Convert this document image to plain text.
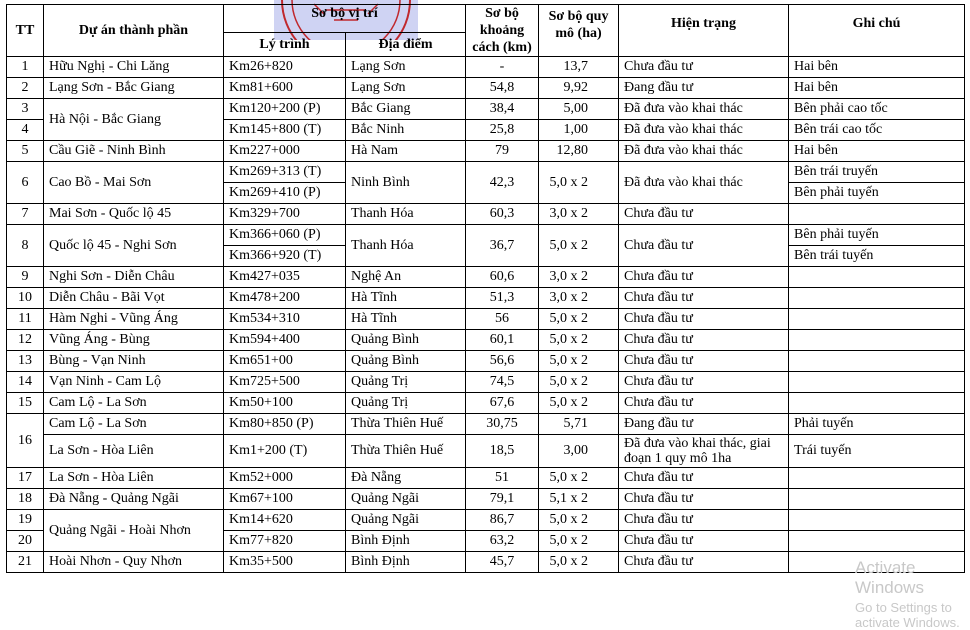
TT	Dự án thành phần	Sơ bộ vị trí		Sơ bộ khoảng cách (km)	Sơ bộ quy mô (ha)	Hiện trạng	Ghi chú
		Lý trình	Địa điểm				
1	Hữu Nghị - Chi Lăng	Km26+820	Lạng Sơn	-	13,7	Chưa đầu tư	Hai bên
2	Lạng Sơn - Bắc Giang	Km81+600	Lạng Sơn	54,8	9,92	Đang đầu tư	Hai bên
3	Hà Nội - Bắc Giang	Km120+200 (P)	Bắc Giang	38,4	5,00	Đã đưa vào khai thác	Bên phải cao tốc
4		Km145+800 (T)	Bắc Ninh	25,8	1,00	Đã đưa vào khai thác	Bên trái cao tốc
5	Cầu Giẽ - Ninh Bình	Km227+000	Hà Nam	79	12,80	Đã đưa vào khai thác	Hai bên
6	Cao Bồ - Mai Sơn	Km269+313 (T)	Ninh Bình	42,3	5,0 x 2	Đã đưa vào khai thác	Bên trái truyến
		Km269+410 (P)					Bên phải tuyến
7	Mai Sơn - Quốc lộ 45	Km329+700	Thanh Hóa	60,3	3,0 x 2	Chưa đầu tư	
8	Quốc lộ 45 - Nghi Sơn	Km366+060 (P)	Thanh Hóa	36,7	5,0 x 2	Chưa đầu tư	Bên phải tuyến
		Km366+920 (T)					Bên trái tuyến
9	Nghi Sơn - Diễn Châu	Km427+035	Nghệ An	60,6	3,0 x 2	Chưa đầu tư	
10	Diễn Châu - Bãi Vọt	Km478+200	Hà Tĩnh	51,3	3,0 x 2	Chưa đầu tư	
11	Hàm Nghi - Vũng Áng	Km534+310	Hà Tĩnh	56	5,0 x 2	Chưa đầu tư	
12	Vũng Áng - Bùng	Km594+400	Quảng Bình	60,1	5,0 x 2	Chưa đầu tư	
13	Bùng - Vạn Ninh	Km651+00	Quảng Bình	56,6	5,0 x 2	Chưa đầu tư	
14	Vạn Ninh - Cam Lộ	Km725+500	Quảng Trị	74,5	5,0 x 2	Chưa đầu tư	
15	Cam Lộ - La Sơn	Km50+100	Quảng Trị	67,6	5,0 x 2	Chưa đầu tư	
16	Cam Lộ - La Sơn	Km80+850 (P)	Thừa Thiên Huế	30,75	5,71	Đang đầu tư	Phải tuyến
	La Sơn - Hòa Liên	Km1+200 (T)	Thừa Thiên Huế	18,5	3,00	Đã đưa vào khai thác, giai đoạn 1 quy mô 1ha	Trái tuyến
17	La Sơn - Hòa Liên	Km52+000	Đà Nẵng	51	5,0 x 2	Chưa đầu tư	
18	Đà Nẵng - Quảng Ngãi	Km67+100	Quảng Ngãi	79,1	5,1 x 2	Chưa đầu tư	
19	Quảng Ngãi - Hoài Nhơn	Km14+620	Quảng Ngãi	86,7	5,0 x 2	Chưa đầu tư	
20		Km77+820	Bình Định	63,2	5,0 x 2	Chưa đầu tư	
21	Hoài Nhơn - Quy Nhơn	Km35+500	Bình Định	45,7	5,0 x 2	Chưa đầu tư		Activate Windows
Go to Settings to activate Windows.
